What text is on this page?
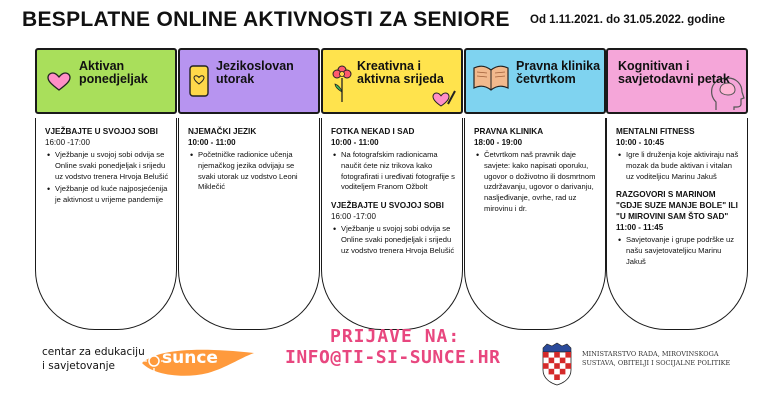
BESPLATNE ONLINE AKTIVNOSTI ZA SENIORE Od 1.11.2021. do 31.05.2022. godine
Aktivan ponedjeljak
VJEŽBAJTE U SVOJOJ SOBI
16:00 -17:00
• Vježbanje u svojoj sobi odvija se Online svaki ponedjeljak i srijedu uz vodstvo trenera Hrvoja Belušić
• Vježbanje od kuće najposjećenija je aktivnost u vrijeme pandemije
Jezikoslovan utorak
NJEMAČKI JEZIK
10:00 - 11:00
• Početničke radionice učenja njemačkog jezika odvijaju se svaki utorak uz vodstvo Leoni Miklečić
Kreativna i aktivna srijeda
FOTKA NEKAD I SAD
10:00 - 11:00
• Na fotografskim radionicama naučit ćete niz trikova kako fotografirati i uređivati fotografije s voditeljem Franom Ožbolt
VJEŽBAJTE U SVOJOJ SOBI
16:00 -17:00
• Vježbanje u svojoj sobi odvija se Online svaki ponedjeljak i srijedu uz vodstvo trenera Hrvoja Belušić
Pravna klinika četvrtkom
PRAVNA KLINIKA
18:00 - 19:00
• Četvrtkom naš pravnik daje savjete: kako napisati oporuku, ugovor o doživotno ili dosmrtnom uzdržavanju, ugovor o darivanju, nasljeđivanje, ovrhe, rad uz mirovinu i dr.
Kognitivan i savjetodavni petak
MENTALNI FITNESS
10:00 - 10:45
• Igre li druženja koje aktiviraju naš mozak da bude aktivan i vitalan uz voditeljicu Marinu Jakuš
RAZGOVORI S MARINOM "GDJE SUZE MANJE BOLE" ILI "U MIROVINI SAM ŠTO SAD"
11:00 - 11:45
• Savjetovanje i grupe podrške uz našu savjetovateljicu Marinu Jakuš
centar za edukaciju
i savjetovanje	sunce
PRIJAVE NA:
INFO@TI-SI-SUNCE.HR	MINISTARSTVO RADA, MIROVINSKOGA
SUSTAVA, OBITELJI I SOCIJALNE POLITIKE
